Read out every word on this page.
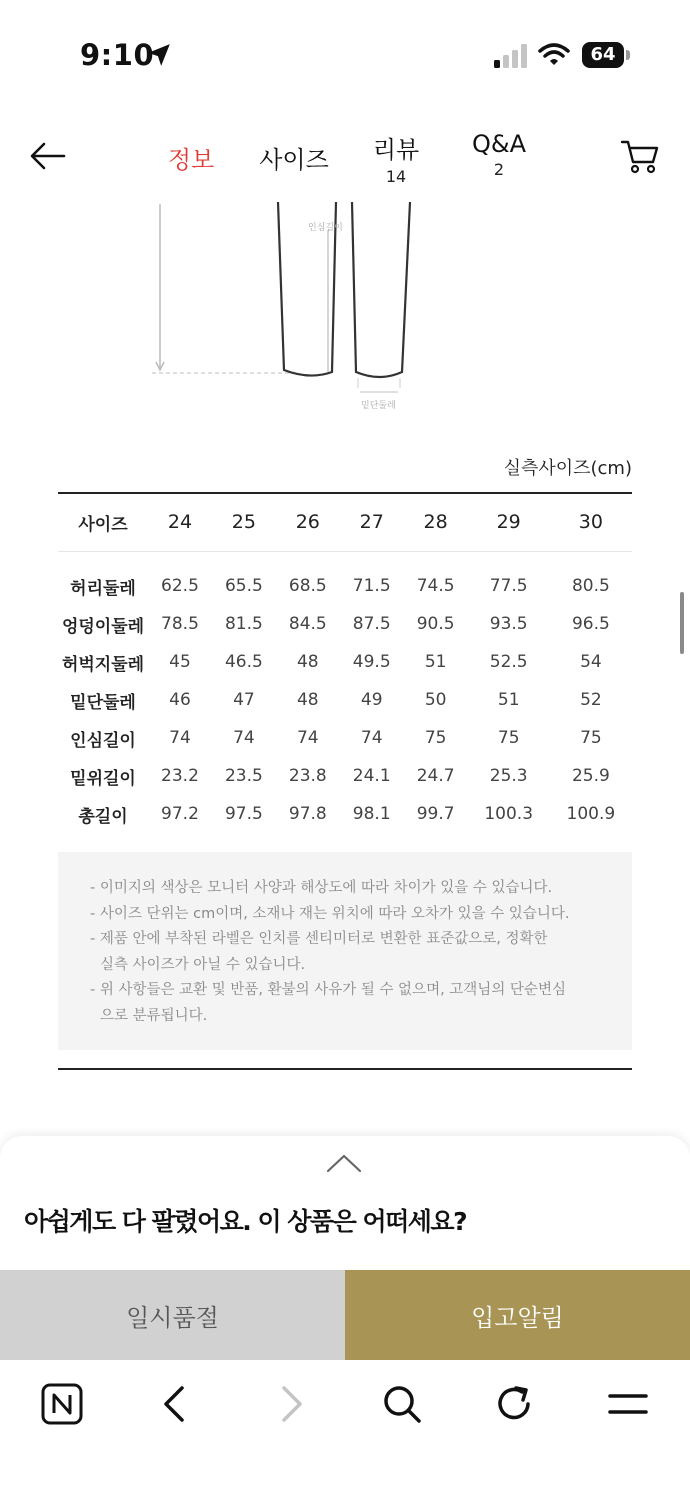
9:10	64
정보	사이즈	리뷰
14
Q&A
2
인심길이
밑단둘레
실측사이즈(cm)
사이즈	24	25	26	27	28	29	30

허리둘레	62.5	65.5	68.5	71.5	74.5	77.5	80.5
엉덩이둘레	78.5	81.5	84.5	87.5	90.5	93.5	96.5
허벅지둘레	45	46.5	48	49.5	51	52.5	54
밑단둘레	46	47	48	49	50	51	52
인심길이	74	74	74	74	75	75	75
밑위길이	23.2	23.5	23.8	24.1	24.7	25.3	25.9
총길이	97.2	97.5	97.8	98.1	99.7	100.3	100.9

- 이미지의 색상은 모니터 사양과 해상도에 따라 차이가 있을 수 있습니다.

- 사이즈 단위는 cm이며, 소재나 재는 위치에 따라 오차가 있을 수 있습니다.

- 제품 안에 부착된 라벨은 인치를 센티미터로 변환한 표준값으로, 정확한

실측 사이즈가 아닐 수 있습니다.

- 위 사항들은 교환 및 반품, 환불의 사유가 될 수 없으며, 고객님의 단순변심

으로 분류됩니다.

아쉽게도 다 팔렸어요. 이 상품은 어떠세요?
일시품절	입고알림
